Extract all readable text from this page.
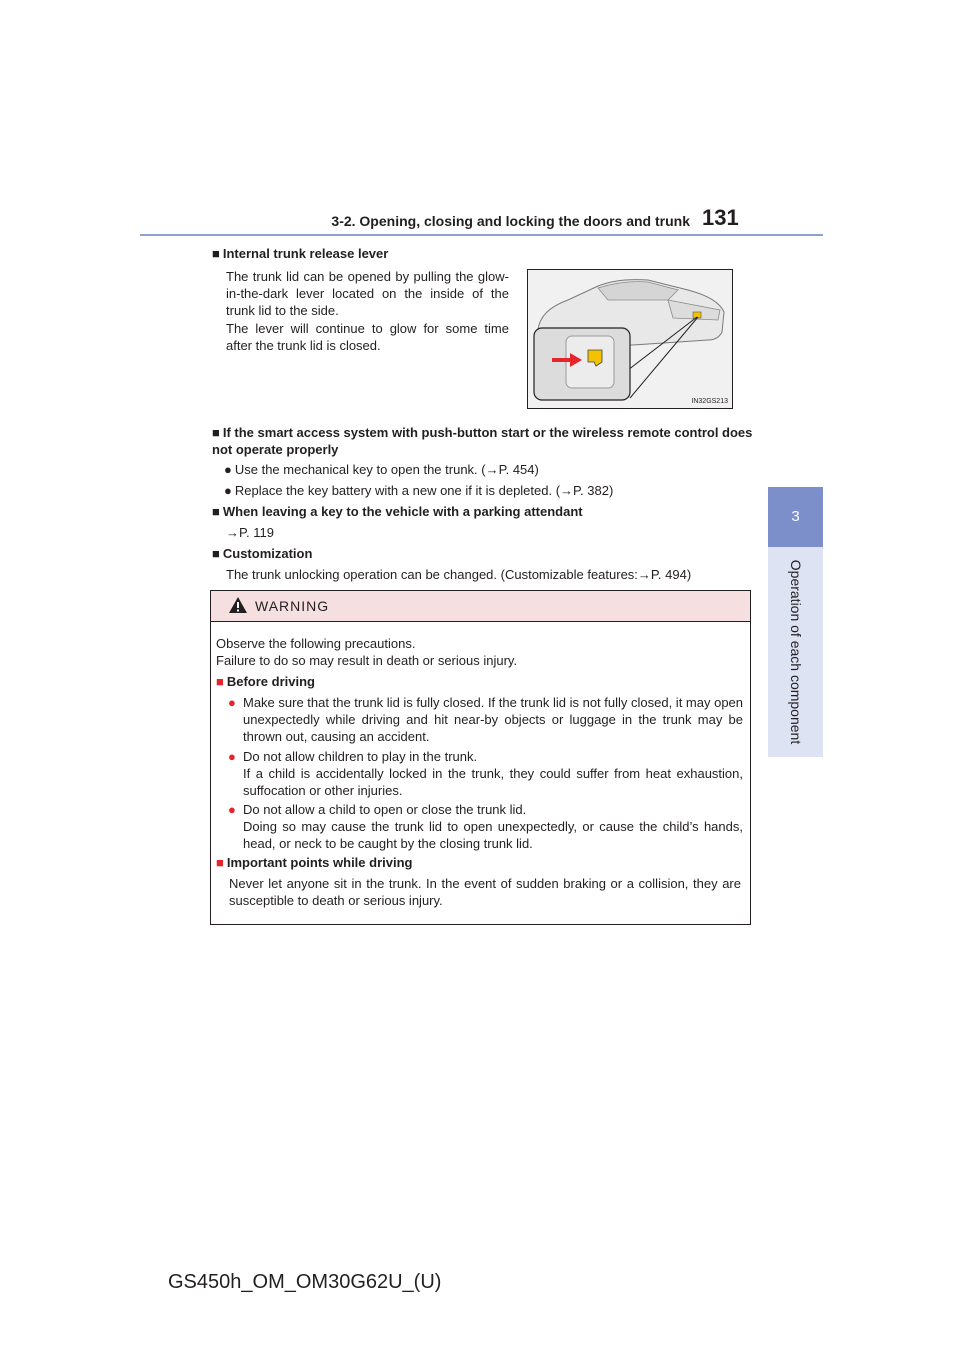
3-2. Opening, closing and locking the doors and trunk 131
3
Operation of each component
■ Internal trunk release lever
The trunk lid can be opened by pulling the glow-in-the-dark lever located on the inside of the trunk lid to the side.
The lever will continue to glow for some time after the trunk lid is closed.
IN32GS213
■ If the smart access system with push-button start or the wireless remote control does not operate properly
● Use the mechanical key to open the trunk. (→P. 454)
● Replace the key battery with a new one if it is depleted. (→P. 382)
■ When leaving a key to the vehicle with a parking attendant
→P. 119
■ Customization
The trunk unlocking operation can be changed. (Customizable features:→P. 494)
WARNING
Observe the following precautions.
Failure to do so may result in death or serious injury.
■ Before driving
● Make sure that the trunk lid is fully closed. If the trunk lid is not fully closed, it may open unexpectedly while driving and hit near-by objects or luggage in the trunk may be thrown out, causing an accident.
● Do not allow children to play in the trunk.
If a child is accidentally locked in the trunk, they could suffer from heat exhaustion, suffocation or other injuries.
● Do not allow a child to open or close the trunk lid.
Doing so may cause the trunk lid to open unexpectedly, or cause the child’s hands, head, or neck to be caught by the closing trunk lid.
■ Important points while driving
Never let anyone sit in the trunk. In the event of sudden braking or a collision, they are susceptible to death or serious injury.
GS450h_OM_OM30G62U_(U)
